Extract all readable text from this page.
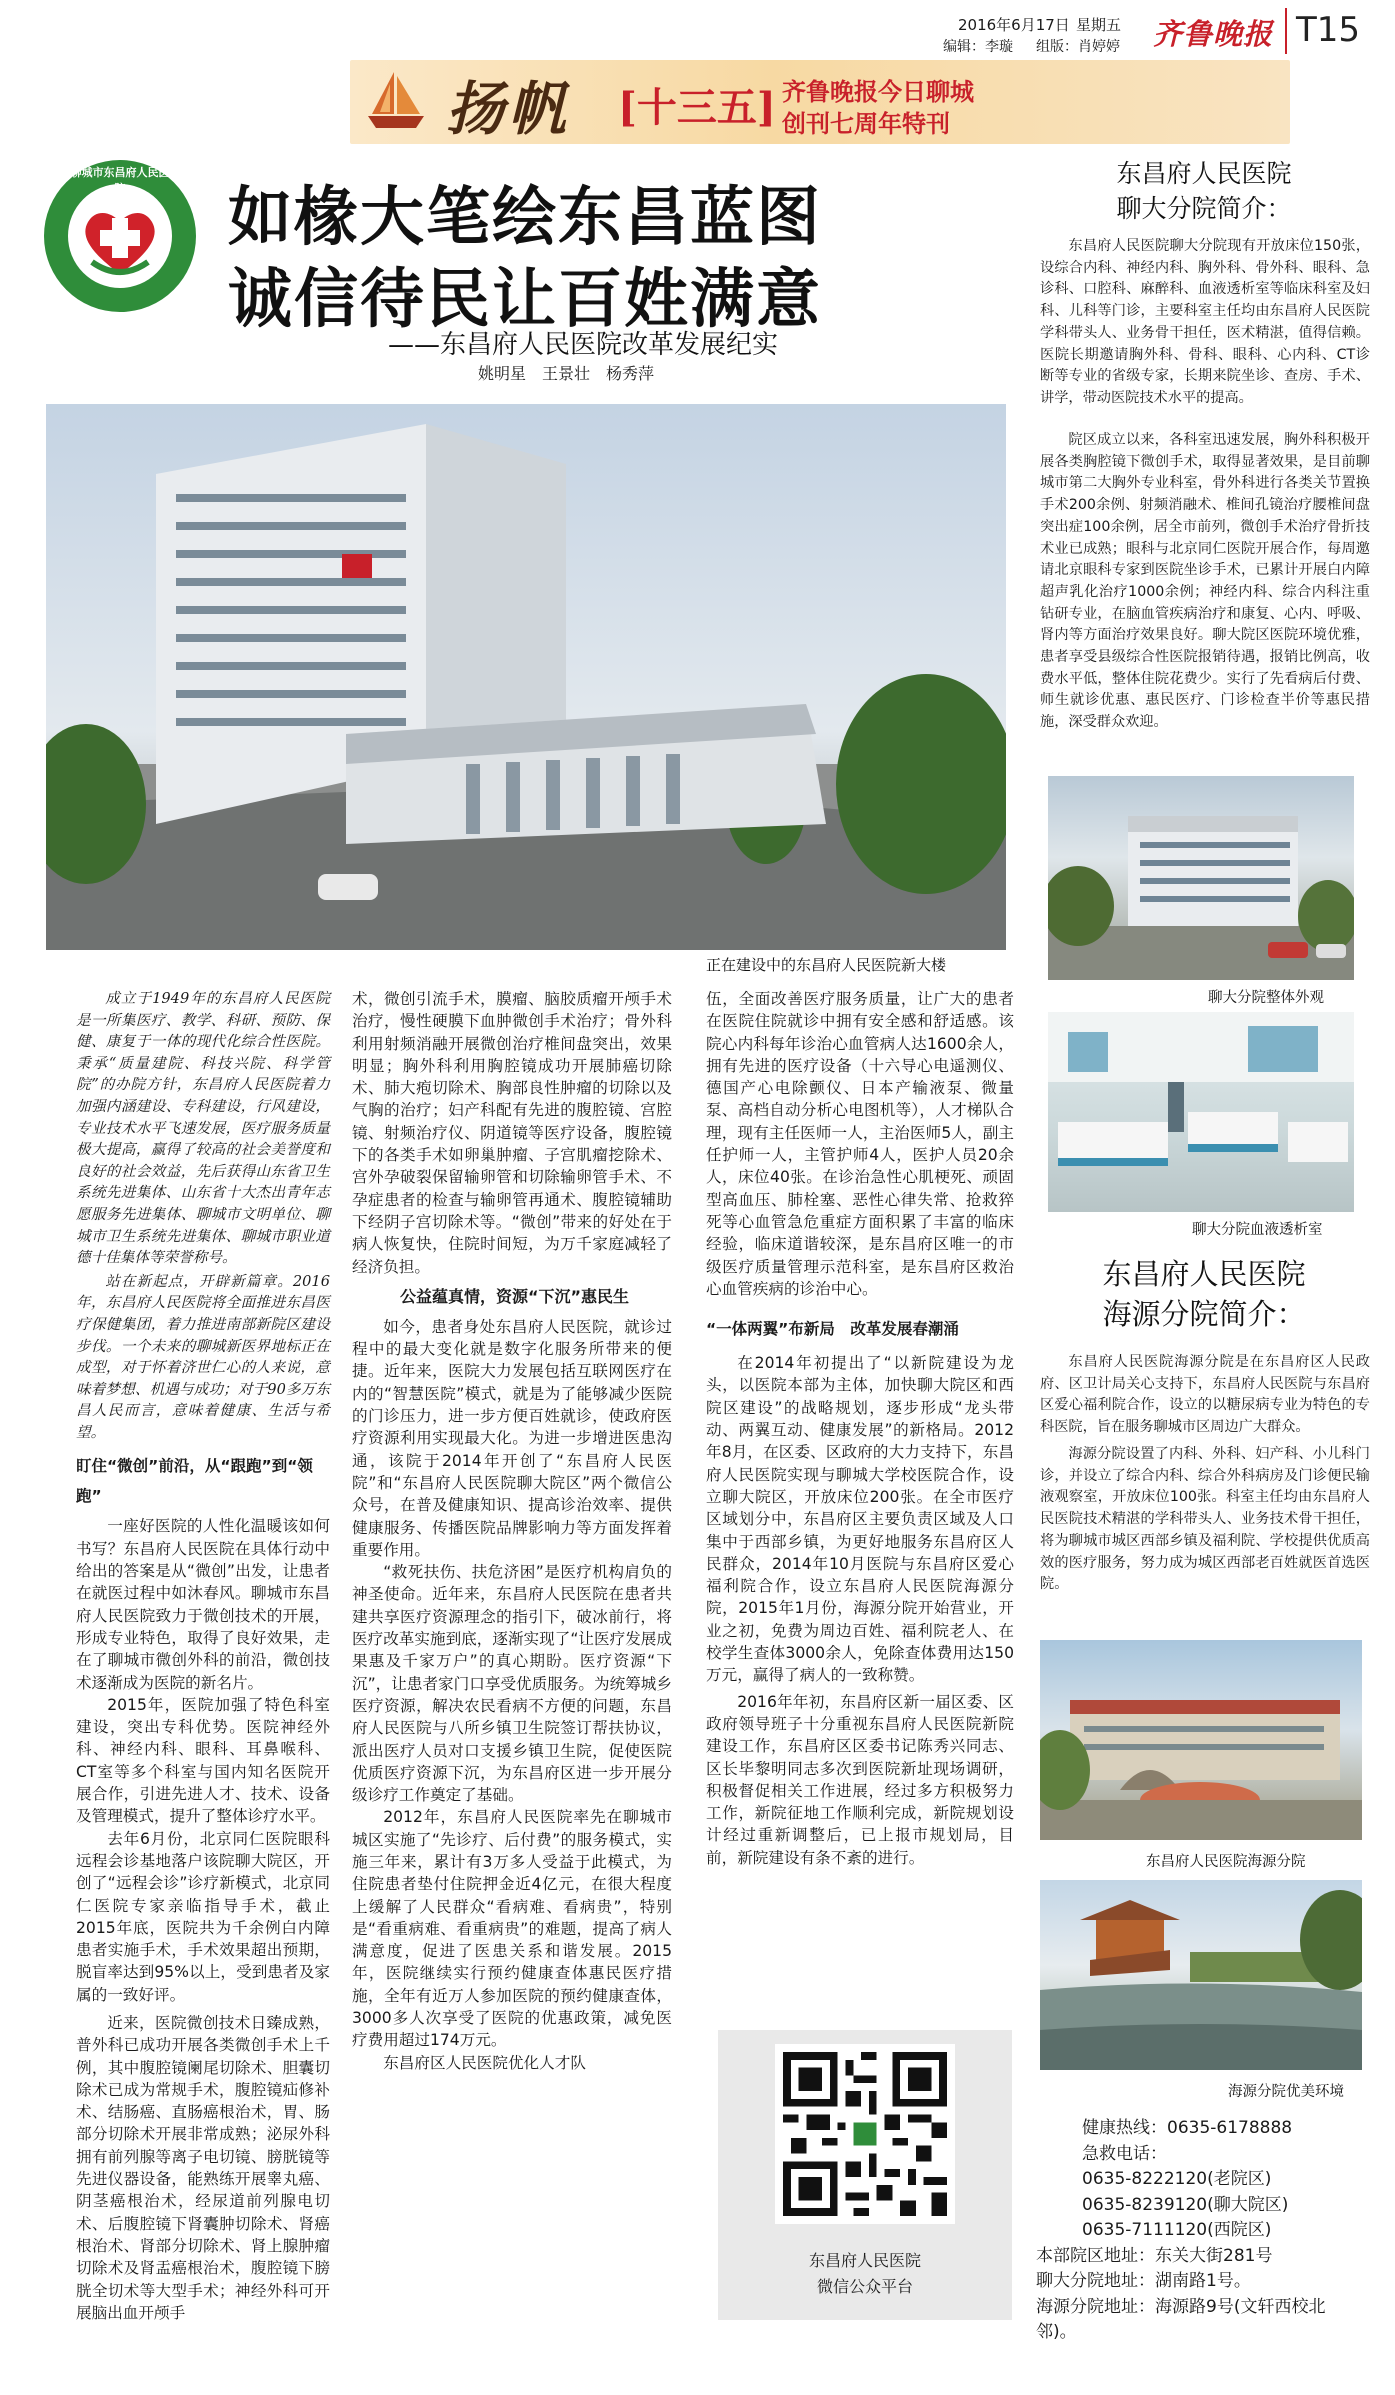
2016年6月17日 星期五
编辑：李璇 组版：肖婷婷 齐鲁晚报 T15
扬帆 [十三五] 齐鲁晚报今日聊城
创刊七周年特刊
聊城市东昌府人民医院	如椽大笔绘东昌蓝图
诚信待民让百姓满意
——东昌府人民医院改革发展纪实
姚明星　王景壮　杨秀萍
正在建设中的东昌府人民医院新大楼
成立于1949年的东昌府人民医院是一所集医疗、教学、科研、预防、保健、康复于一体的现代化综合性医院。秉承“质量建院、科技兴院、科学管院”的办院方针，东昌府人民医院着力加强内涵建设、专科建设，行风建设，专业技术水平飞速发展，医疗服务质量极大提高，赢得了较高的社会美誉度和良好的社会效益，先后获得山东省卫生系统先进集体、山东省十大杰出青年志愿服务先进集体、聊城市文明单位、聊城市卫生系统先进集体、聊城市职业道德十佳集体等荣誉称号。
站在新起点，开辟新篇章。2016年，东昌府人民医院将全面推进东昌医疗保健集团，着力推进南部新院区建设步伐。一个未来的聊城新医界地标正在成型，对于怀着济世仁心的人来说，意味着梦想、机遇与成功；对于90多万东昌人民而言，意味着健康、生活与希望。
盯住“微创”前沿，从“跟跑”到“领跑”
一座好医院的人性化温暖该如何书写？东昌府人民医院在具体行动中给出的答案是从“微创”出发，让患者在就医过程中如沐春风。聊城市东昌府人民医院致力于微创技术的开展，形成专业特色，取得了良好效果，走在了聊城市微创外科的前沿，微创技术逐渐成为医院的新名片。
2015年，医院加强了特色科室建设，突出专科优势。医院神经外科、神经内科、眼科、耳鼻喉科、CT室等多个科室与国内知名医院开展合作，引进先进人才、技术、设备及管理模式，提升了整体诊疗水平。
去年6月份，北京同仁医院眼科远程会诊基地落户该院聊大院区，开创了“远程会诊”诊疗新模式，北京同仁医院专家亲临指导手术，截止2015年底，医院共为千余例白内障患者实施手术，手术效果超出预期，脱盲率达到95%以上，受到患者及家属的一致好评。
近来，医院微创技术日臻成熟，普外科已成功开展各类微创手术上千例，其中腹腔镜阑尾切除术、胆囊切除术已成为常规手术，腹腔镜疝修补术、结肠癌、直肠癌根治术，胃、肠部分切除术开展非常成熟；泌尿外科拥有前列腺等离子电切镜、膀胱镜等先进仪器设备，能熟练开展睾丸癌、阴茎癌根治术，经尿道前列腺电切术、后腹腔镜下肾囊肿切除术、肾癌根治术、肾部分切除术、肾上腺肿瘤切除术及肾盂癌根治术，腹腔镜下膀胱全切术等大型手术；神经外科可开展脑出血开颅手
术，微创引流手术，膜瘤、脑胶质瘤开颅手术治疗，慢性硬膜下血肿微创手术治疗；骨外科利用射频消融开展微创治疗椎间盘突出，效果明显；胸外科利用胸腔镜成功开展肺癌切除术、肺大疱切除术、胸部良性肿瘤的切除以及气胸的治疗；妇产科配有先进的腹腔镜、宫腔镜、射频治疗仪、阴道镜等医疗设备，腹腔镜下的各类手术如卵巢肿瘤、子宫肌瘤挖除术、宫外孕破裂保留输卵管和切除输卵管手术、不孕症患者的检查与输卵管再通术、腹腔镜辅助下经阴子宫切除术等。“微创”带来的好处在于病人恢复快，住院时间短，为万千家庭减轻了经济负担。
公益蕴真情，资源“下沉”惠民生
如今，患者身处东昌府人民医院，就诊过程中的最大变化就是数字化服务所带来的便捷。近年来，医院大力发展包括互联网医疗在内的“智慧医院”模式，就是为了能够减少医院的门诊压力，进一步方便百姓就诊，使政府医疗资源利用实现最大化。为进一步增进医患沟通，该院于2014年开创了“东昌府人民医院”和“东昌府人民医院聊大院区”两个微信公众号，在普及健康知识、提高诊治效率、提供健康服务、传播医院品牌影响力等方面发挥着重要作用。
“救死扶伤、扶危济困”是医疗机构肩负的神圣使命。近年来，东昌府人民医院在患者共建共享医疗资源理念的指引下，破冰前行，将医疗改革实施到底，逐渐实现了“让医疗发展成果惠及千家万户”的真心期盼。医疗资源“下沉”，让患者家门口享受优质服务。为统筹城乡医疗资源，解决农民看病不方便的问题，东昌府人民医院与八所乡镇卫生院签订帮扶协议，派出医疗人员对口支援乡镇卫生院，促使医院优质医疗资源下沉，为东昌府区进一步开展分级诊疗工作奠定了基础。
2012年，东昌府人民医院率先在聊城市城区实施了“先诊疗、后付费”的服务模式，实施三年来，累计有3万多人受益于此模式，为住院患者垫付住院押金近4亿元，在很大程度上缓解了人民群众“看病难、看病贵”，特别是“看重病难、看重病贵”的难题，提高了病人满意度，促进了医患关系和谐发展。2015年，医院继续实行预约健康查体惠民医疗措施，全年有近万人参加医院的预约健康查体，3000多人次享受了医院的优惠政策，减免医疗费用超过174万元。
东昌府区人民医院优化人才队
伍，全面改善医疗服务质量，让广大的患者在医院住院就诊中拥有安全感和舒适感。该院心内科每年诊治心血管病人达1600余人，拥有先进的医疗设备（十六导心电遥测仪、德国产心电除颤仪、日本产输液泵、微量泵、高档自动分析心电图机等），人才梯队合理，现有主任医师一人，主治医师5人，副主任护师一人，主管护师4人，医护人员20余人，床位40张。在诊治急性心肌梗死、顽固型高血压、肺栓塞、恶性心律失常、抢救猝死等心血管急危重症方面积累了丰富的临床经验，临床道谐较深，是东昌府区唯一的市级医疗质量管理示范科室，是东昌府区救治心血管疾病的诊治中心。
“一体两翼”布新局　改革发展春潮涌
在2014年初提出了“以新院建设为龙头，以医院本部为主体，加快聊大院区和西院区建设”的战略规划，逐步形成“龙头带动、两翼互动、健康发展”的新格局。2012年8月，在区委、区政府的大力支持下，东昌府人民医院实现与聊城大学校医院合作，设立聊大院区，开放床位200张。在全市医疗区域划分中，东昌府区主要负责区域及人口集中于西部乡镇，为更好地服务东昌府区人民群众，2014年10月医院与东昌府区爱心福利院合作，设立东昌府人民医院海源分院，2015年1月份，海源分院开始营业，开业之初，免费为周边百姓、福利院老人、在校学生查体3000余人，免除查体费用达150万元，赢得了病人的一致称赞。
2016年年初，东昌府区新一届区委、区政府领导班子十分重视东昌府人民医院新院建设工作，东昌府区区委书记陈秀兴同志、区长毕黎明同志多次到医院新址现场调研，积极督促相关工作进展，经过多方积极努力工作，新院征地工作顺利完成，新院规划设计经过重新调整后，已上报市规划局，目前，新院建设有条不紊的进行。
东昌府人民医院
微信公众平台
东昌府人民医院
聊大分院简介：
东昌府人民医院聊大分院现有开放床位150张，设综合内科、神经内科、胸外科、骨外科、眼科、急诊科、口腔科、麻醉科、血液透析室等临床科室及妇科、儿科等门诊，主要科室主任均由东昌府人民医院学科带头人、业务骨干担任，医术精湛，值得信赖。医院长期邀请胸外科、骨科、眼科、心内科、CT诊断等专业的省级专家，长期来院坐诊、查房、手术、讲学，带动医院技术水平的提高。
院区成立以来，各科室迅速发展，胸外科积极开展各类胸腔镜下微创手术，取得显著效果，是目前聊城市第二大胸外专业科室，骨外科进行各类关节置换手术200余例、射频消融术、椎间孔镜治疗腰椎间盘突出症100余例，居全市前列，微创手术治疗骨折技术业已成熟；眼科与北京同仁医院开展合作，每周邀请北京眼科专家到医院坐诊手术，已累计开展白内障超声乳化治疗1000余例；神经内科、综合内科注重钻研专业，在脑血管疾病治疗和康复、心内、呼吸、肾内等方面治疗效果良好。聊大院区医院环境优雅，患者享受县级综合性医院报销待遇，报销比例高，收费水平低，整体住院花费少。实行了先看病后付费、师生就诊优惠、惠民医疗、门诊检查半价等惠民措施，深受群众欢迎。
聊大分院整体外观
聊大分院血液透析室
东昌府人民医院
海源分院简介：
东昌府人民医院海源分院是在东昌府区人民政府、区卫计局关心支持下，东昌府人民医院与东昌府区爱心福利院合作，设立的以糖尿病专业为特色的专科医院，旨在服务聊城市区周边广大群众。
海源分院设置了内科、外科、妇产科、小儿科门诊，并设立了综合内科、综合外科病房及门诊便民输液观察室，开放床位100张。科室主任均由东昌府人民医院技术精湛的学科带头人、业务技术骨干担任，将为聊城市城区西部乡镇及福利院、学校提供优质高效的医疗服务，努力成为城区西部老百姓就医首选医院。
东昌府人民医院海源分院
海源分院优美环境
健康热线：0635-6178888
急救电话：
0635-8222120(老院区)
0635-8239120(聊大院区)
0635-7111120(西院区)
本部院区地址：东关大街281号
聊大分院地址：湖南路1号。
海源分院地址：海源路9号(文轩西校北邻)。
